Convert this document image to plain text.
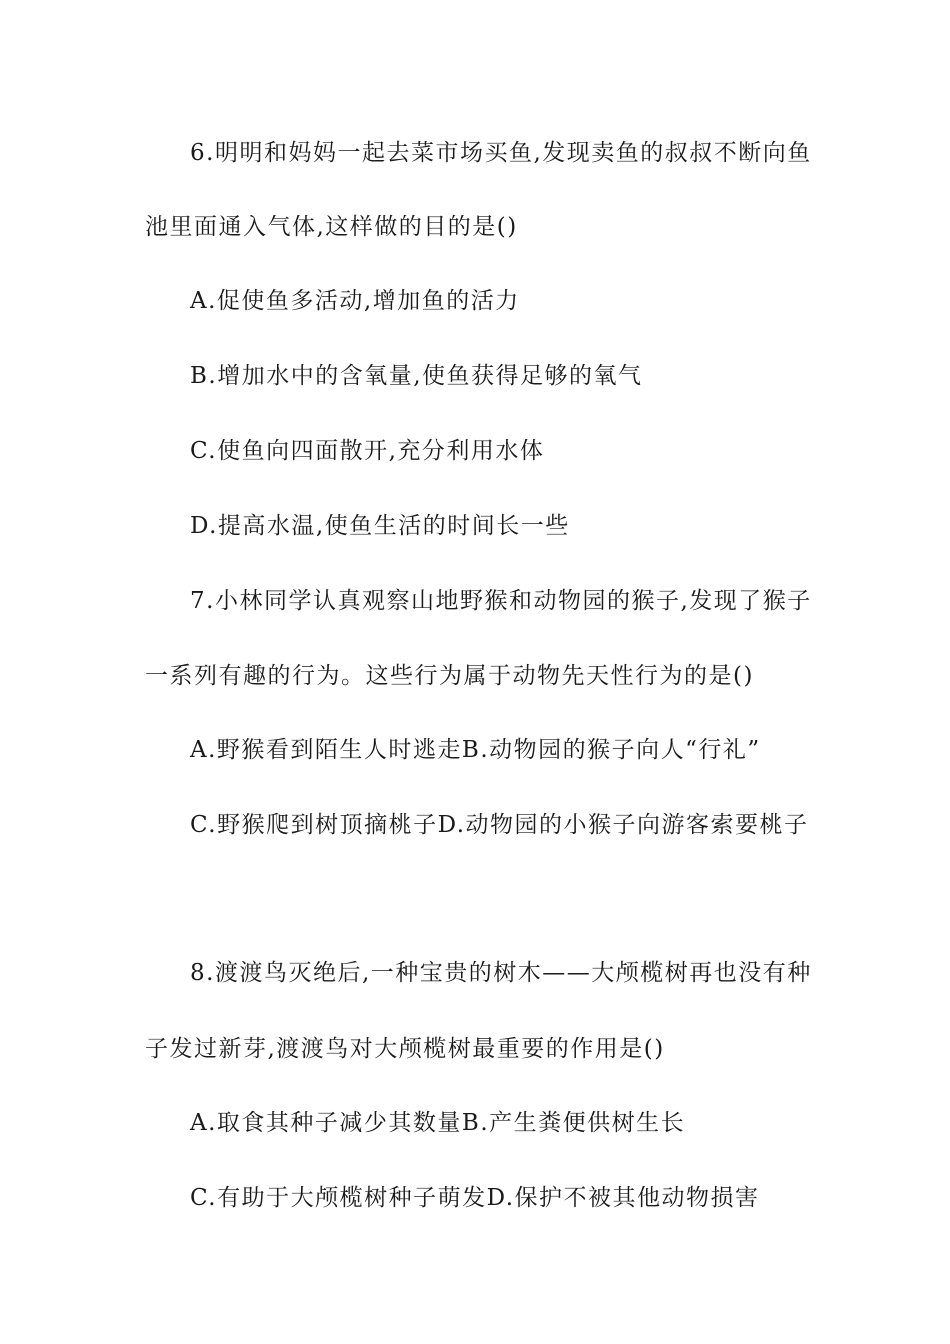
6.明明和妈妈一起去菜市场买鱼,发现卖鱼的叔叔不断向鱼
池里面通入气体,这样做的目的是()
A.促使鱼多活动,增加鱼的活力
B.增加水中的含氧量,使鱼获得足够的氧气
C.使鱼向四面散开,充分利用水体
D.提高水温,使鱼生活的时间长一些
7.小林同学认真观察山地野猴和动物园的猴子,发现了猴子
一系列有趣的行为。这些行为属于动物先天性行为的是()
A.野猴看到陌生人时逃走B.动物园的猴子向人“行礼”
C.野猴爬到树顶摘桃子D.动物园的小猴子向游客索要桃子
8.渡渡鸟灭绝后,一种宝贵的树木——大颅榄树再也没有种
子发过新芽,渡渡鸟对大颅榄树最重要的作用是()
A.取食其种子减少其数量B.产生粪便供树生长
C.有助于大颅榄树种子萌发D.保护不被其他动物损害
